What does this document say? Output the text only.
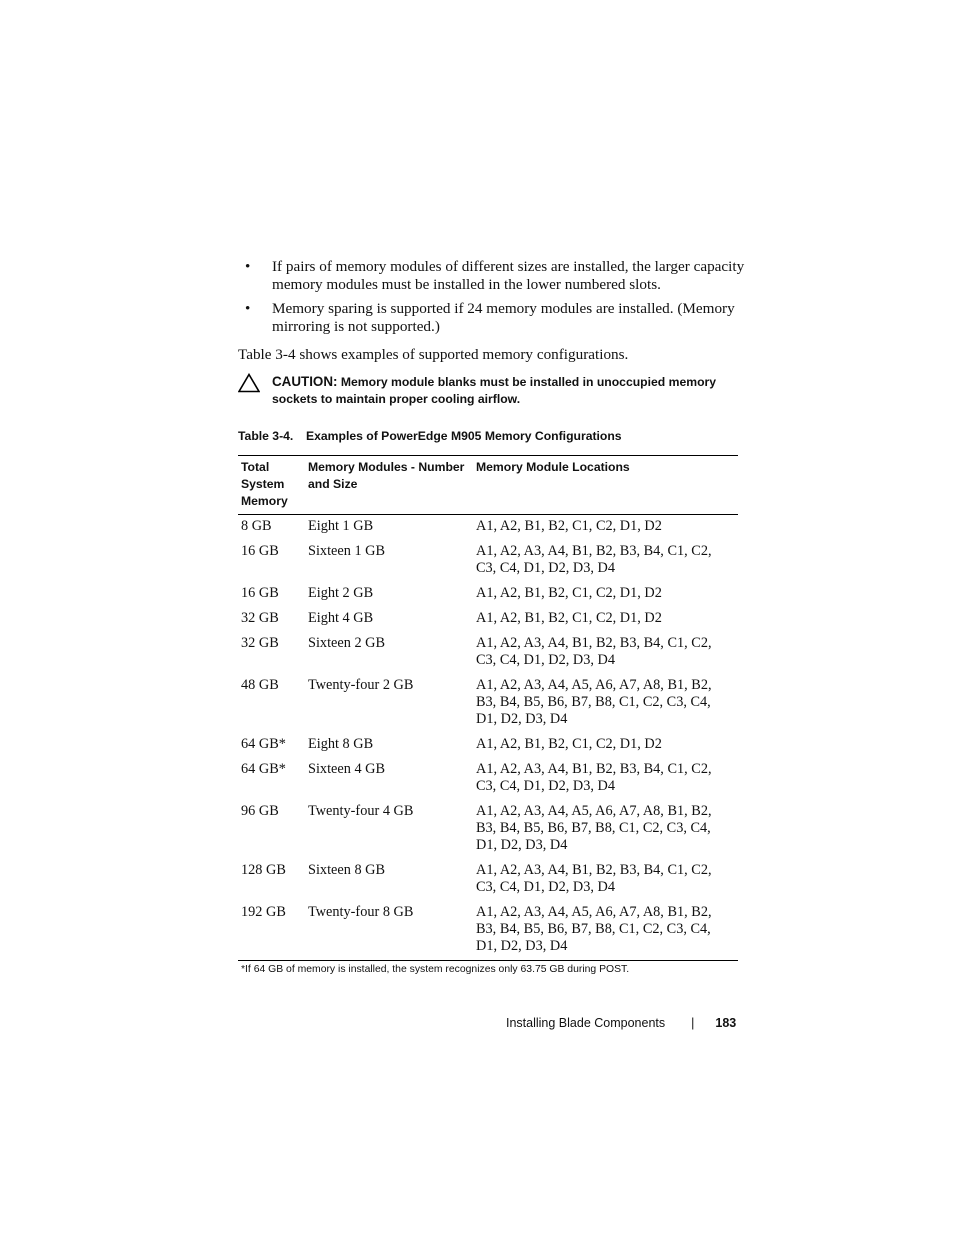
• If pairs of memory modules of different sizes are installed, the larger capacity memory modules must be installed in the lower numbered slots.
• Memory sparing is supported if 24 memory modules are installed. (Memory mirroring is not supported.)
Table 3-4 shows examples of supported memory configurations.
CAUTION: Memory module blanks must be installed in unoccupied memory sockets to maintain proper cooling airflow.
Table 3-4. Examples of PowerEdge M905 Memory Configurations
Total System Memory	Memory Modules - Number and Size	Memory Module Locations
8 GB	Eight 1 GB	A1, A2, B1, B2, C1, C2, D1, D2
16 GB	Sixteen 1 GB	A1, A2, A3, A4, B1, B2, B3, B4, C1, C2, C3, C4, D1, D2, D3, D4
16 GB	Eight 2 GB	A1, A2, B1, B2, C1, C2, D1, D2
32 GB	Eight 4 GB	A1, A2, B1, B2, C1, C2, D1, D2
32 GB	Sixteen 2 GB	A1, A2, A3, A4, B1, B2, B3, B4, C1, C2, C3, C4, D1, D2, D3, D4
48 GB	Twenty-four 2 GB	A1, A2, A3, A4, A5, A6, A7, A8, B1, B2, B3, B4, B5, B6, B7, B8, C1, C2, C3, C4, D1, D2, D3, D4
64 GB*	Eight 8 GB	A1, A2, B1, B2, C1, C2, D1, D2
64 GB*	Sixteen 4 GB	A1, A2, A3, A4, B1, B2, B3, B4, C1, C2, C3, C4, D1, D2, D3, D4
96 GB	Twenty-four 4 GB	A1, A2, A3, A4, A5, A6, A7, A8, B1, B2, B3, B4, B5, B6, B7, B8, C1, C2, C3, C4, D1, D2, D3, D4
128 GB	Sixteen 8 GB	A1, A2, A3, A4, B1, B2, B3, B4, C1, C2, C3, C4, D1, D2, D3, D4
192 GB	Twenty-four 8 GB	A1, A2, A3, A4, A5, A6, A7, A8, B1, B2, B3, B4, B5, B6, B7, B8, C1, C2, C3, C4, D1, D2, D3, D4
*If 64 GB of memory is installed, the system recognizes only 63.75 GB during POST.
Installing Blade Components | 183
